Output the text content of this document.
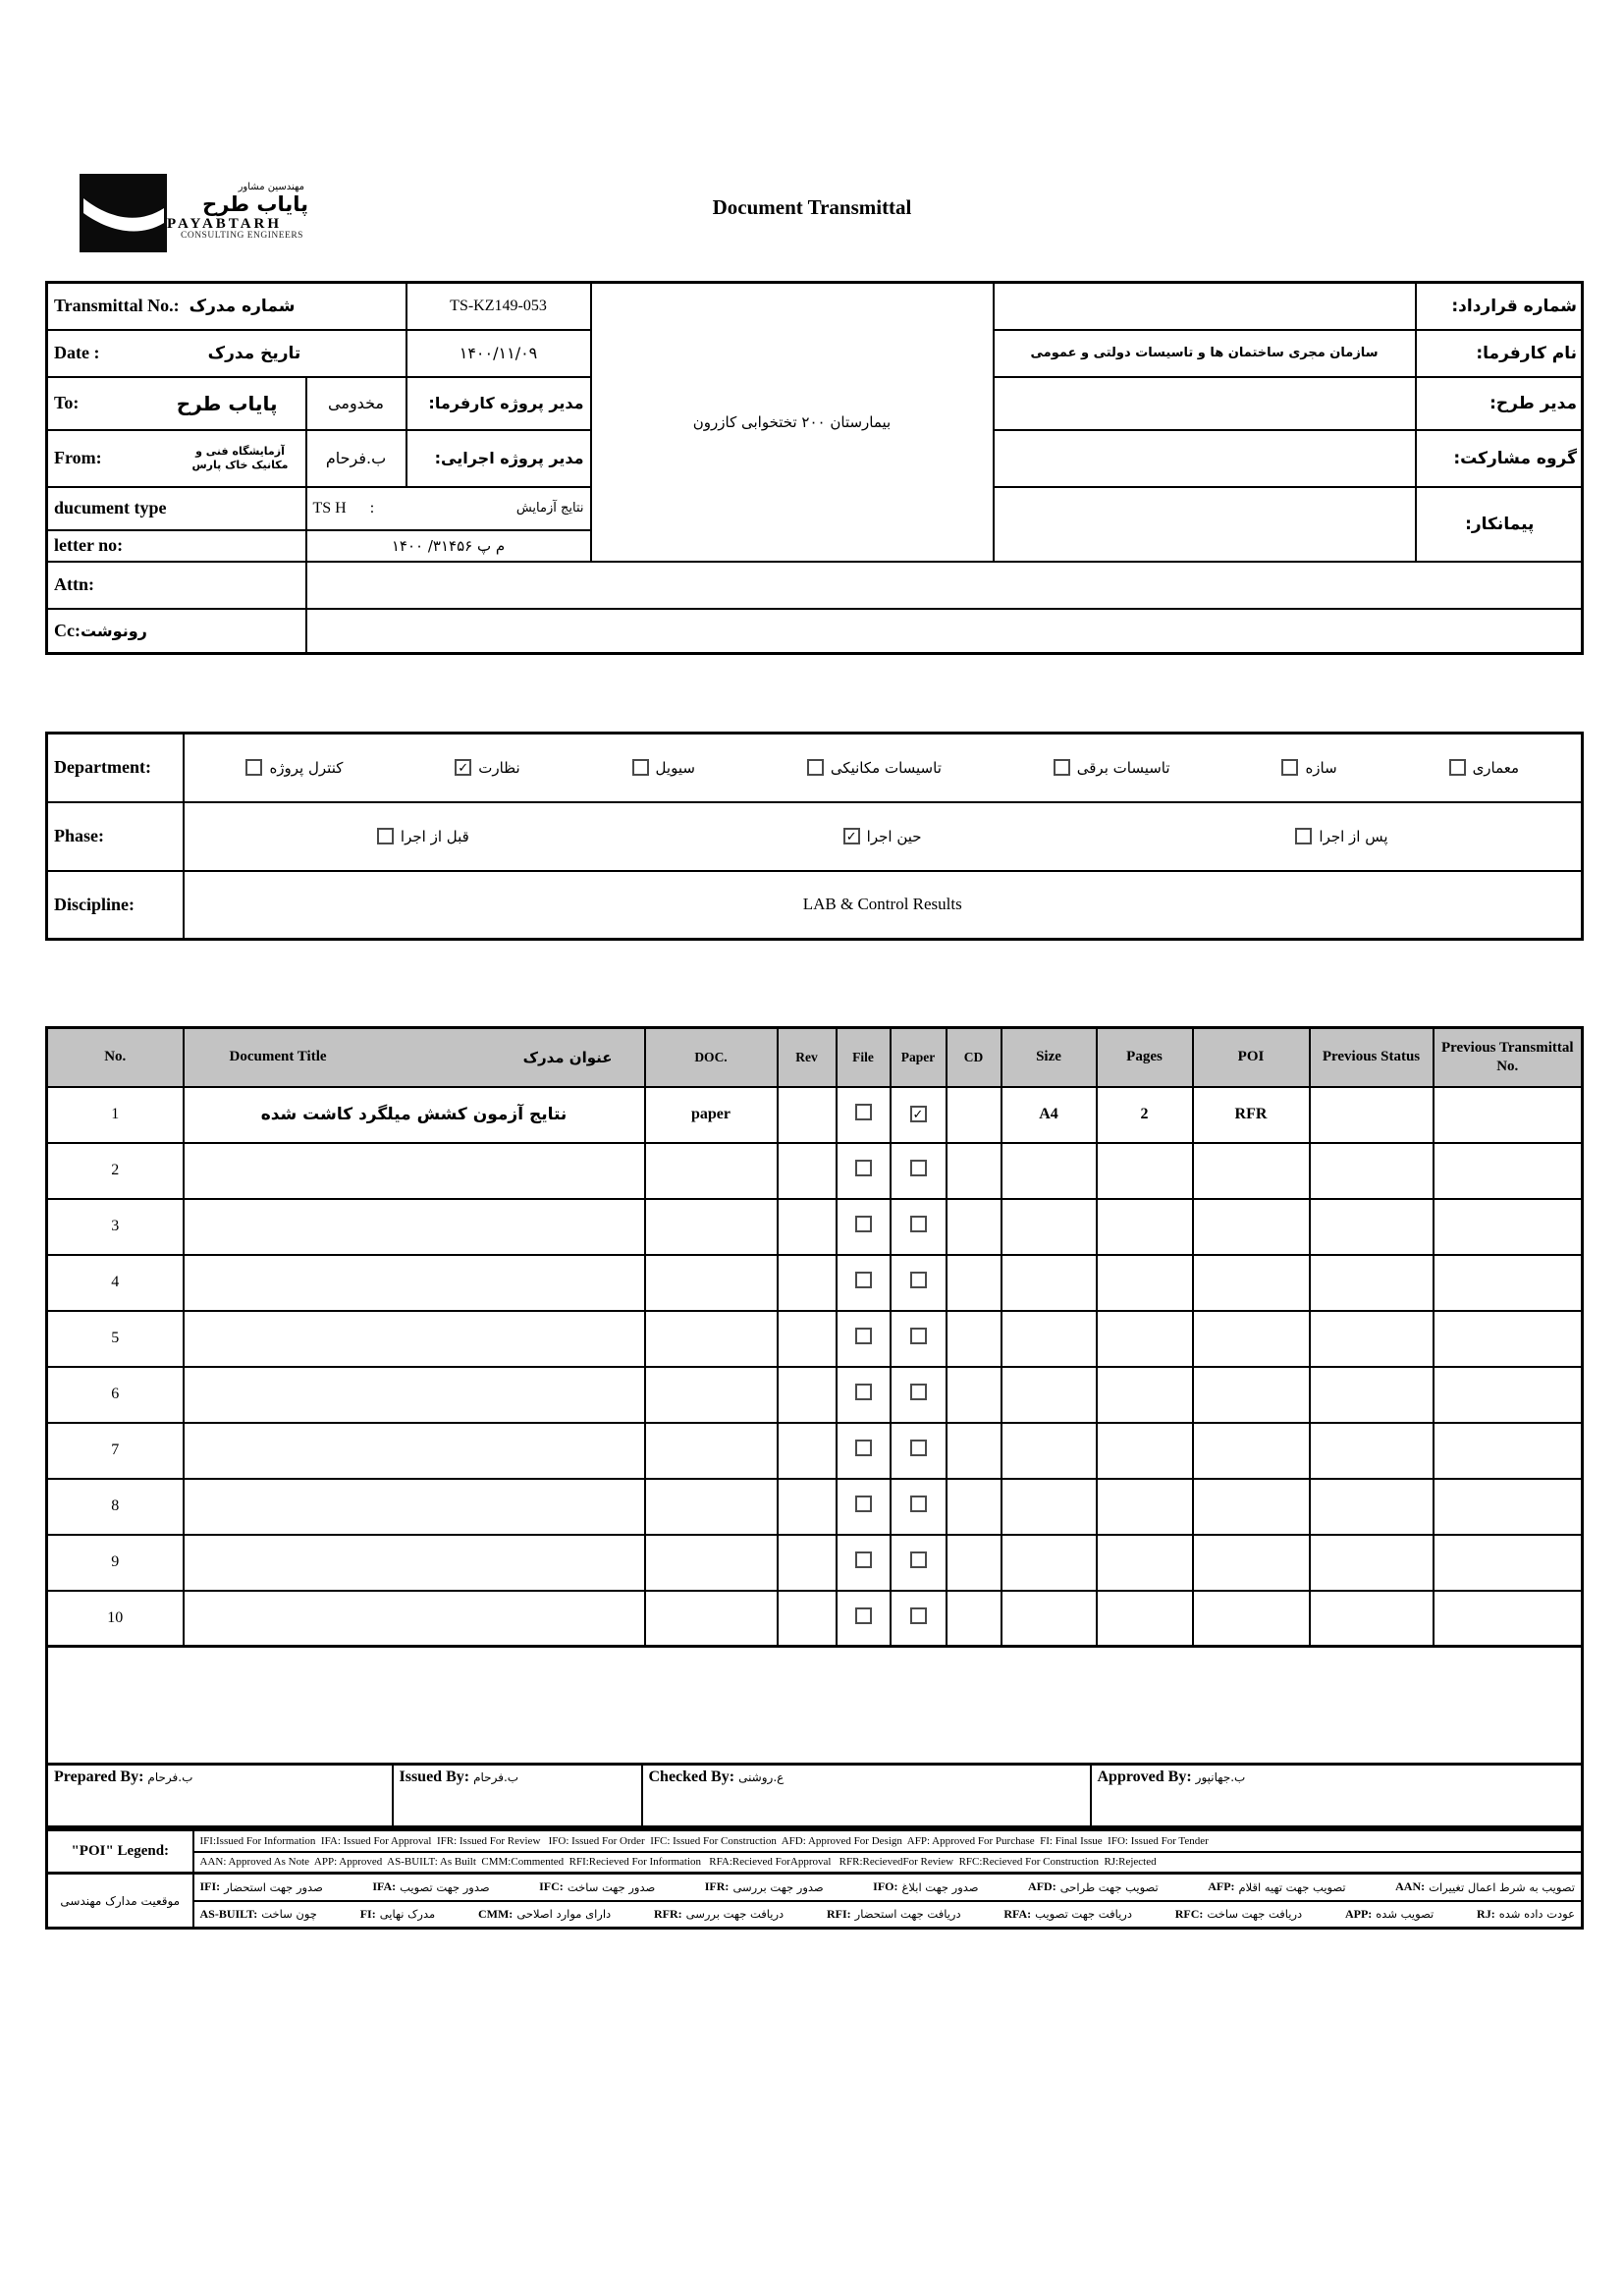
مهندسین مشاور
پایاب طرح
PAYABTARH
CONSULTING ENGINEERS
Document Transmittal
Transmittal No.: شماره مدرک		TS-KZ149-053	بیمارستان ۲۰۰ تختخوابی کازرون		شماره قرارداد:

Date : تاریخ مدرک		۱۴۰۰/۱۱/۰۹		سازمان مجری ساختمان ها و تاسیسات دولتی و عمومی	نام کارفرما:

To: پایاب طرح	مخدومی	مدیر پروژه کارفرما:			مدیر طرح:

From: آزمایشگاه فنی و مکانیک خاک پارس	ب.فرحام	مدیر پروژه اجرایی:			گروه مشارکت:
ducument type	TS H      : نتایج آزمایش				پیمانکار:
letter no:	م پ ۳۱۴۵۶/ ۱۴۰۰				
Attn:					
Cc:رونوشت					
Department:	کنترل پروژه	✓ نظارت	سیویل	تاسیسات مکانیکی	تاسیسات برقی	سازه	معماری

Phase:	قبل از اجرا ✓ حین اجرا پس از اجرا

Discipline:	LAB & Control Results
No.	Document Title عنوان مدرک	DOC.	Rev	File	Paper	CD	Size	Pages	POI	Previous Status	Previous Transmittal No.
1	نتایج آزمون کشش میلگرد کاشت شده	paper			✓		A4	2	RFR		
2											
3											
4											
5											
6											
7											
8											
9											
10											

Prepared By: ب.فرحام	Issued By: ب.فرحام	Checked By: ع.روشنی	Approved By: ب.جهانپور
"POI" Legend:	IFI:Issued For Information  IFA: Issued For Approval  IFR: Issued For Review   IFO: Issued For Order  IFC: Issued For Construction  AFD: Approved For Design  AFP: Approved For Purchase  FI: Final Issue  IFO: Issued For Tender
	AAN: Approved As Note  APP: Approved  AS-BUILT: As Built  CMM:Commented  RFI:Recieved For Information   RFA:Recieved ForApproval   RFR:RecievedFor Review  RFC:Recieved For Construction  RJ:Rejected
موقعیت مدارک مهندسی	
IFI: صدور جهت استحضار	IFA: صدور جهت تصویب	IFC: صدور جهت ساخت	IFR: صدور جهت بررسی	IFO: صدور جهت ابلاغ	AFD: تصویب جهت طراحی	AFP: تصویب جهت تهیه اقلام	AAN: تصویب به شرط اعمال تغییرات

AS-BUILT: چون ساخت	FI: مدرک نهایی	CMM: دارای موارد اصلاحی	RFR: دریافت جهت بررسی	RFI: دریافت جهت استحضار	RFA: دریافت جهت تصویب	RFC: دریافت جهت ساخت	APP: تصویب شده	RJ: عودت داده شده
